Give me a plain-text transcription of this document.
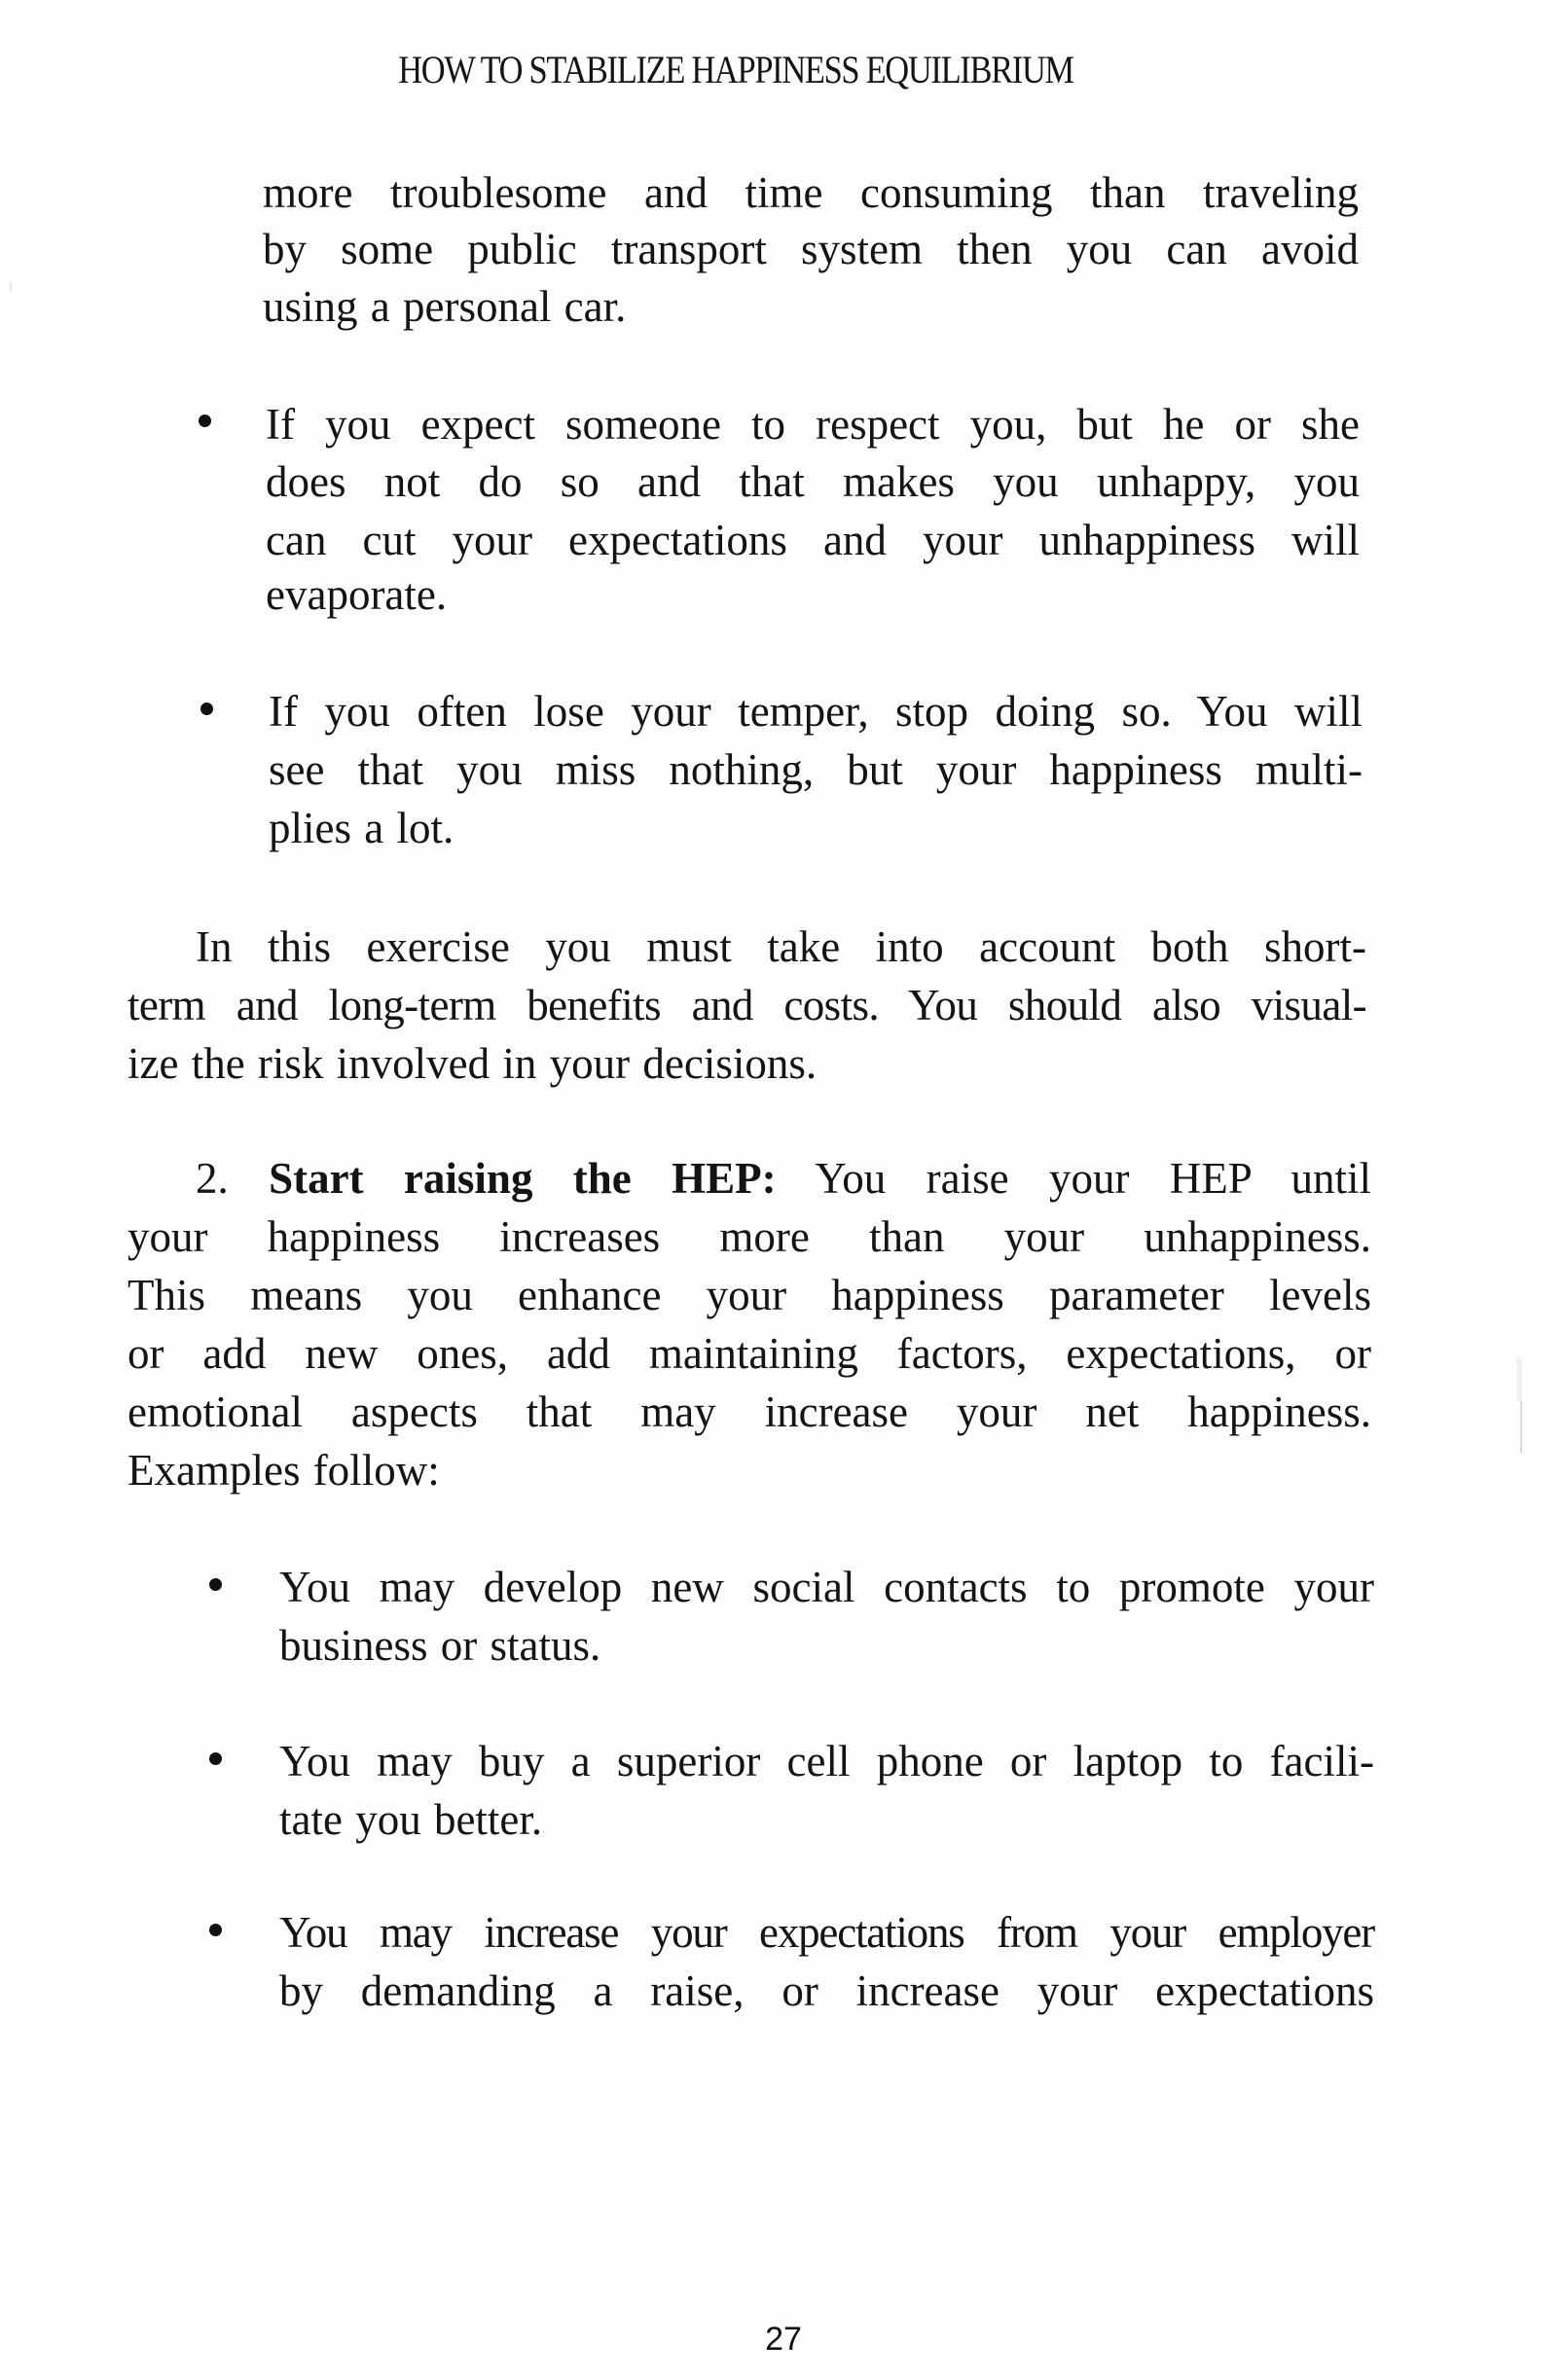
HOW TO STABILIZE HAPPINESS EQUILIBRIUM
more troublesome and time consuming than traveling
by some public transport system then you can avoid
using a personal car.
If you expect someone to respect you, but he or she
does not do so and that makes you unhappy, you
can cut your expectations and your unhappiness will
evaporate.
If you often lose your temper, stop doing so. You will
see that you miss nothing, but your happiness multi-
plies a lot.
In this exercise you must take into account both short-
term and long-term benefits and costs. You should also visual-
ize the risk involved in your decisions.
2. Start raising the HEP: You raise your HEP until
your happiness increases more than your unhappiness.
This means you enhance your happiness parameter levels
or add new ones, add maintaining factors, expectations, or
emotional aspects that may increase your net happiness.
Examples follow:
You may develop new social contacts to promote your
business or status.
You may buy a superior cell phone or laptop to facili-
tate you better.
You may increase your expectations from your employer
by demanding a raise, or increase your expectations
27
